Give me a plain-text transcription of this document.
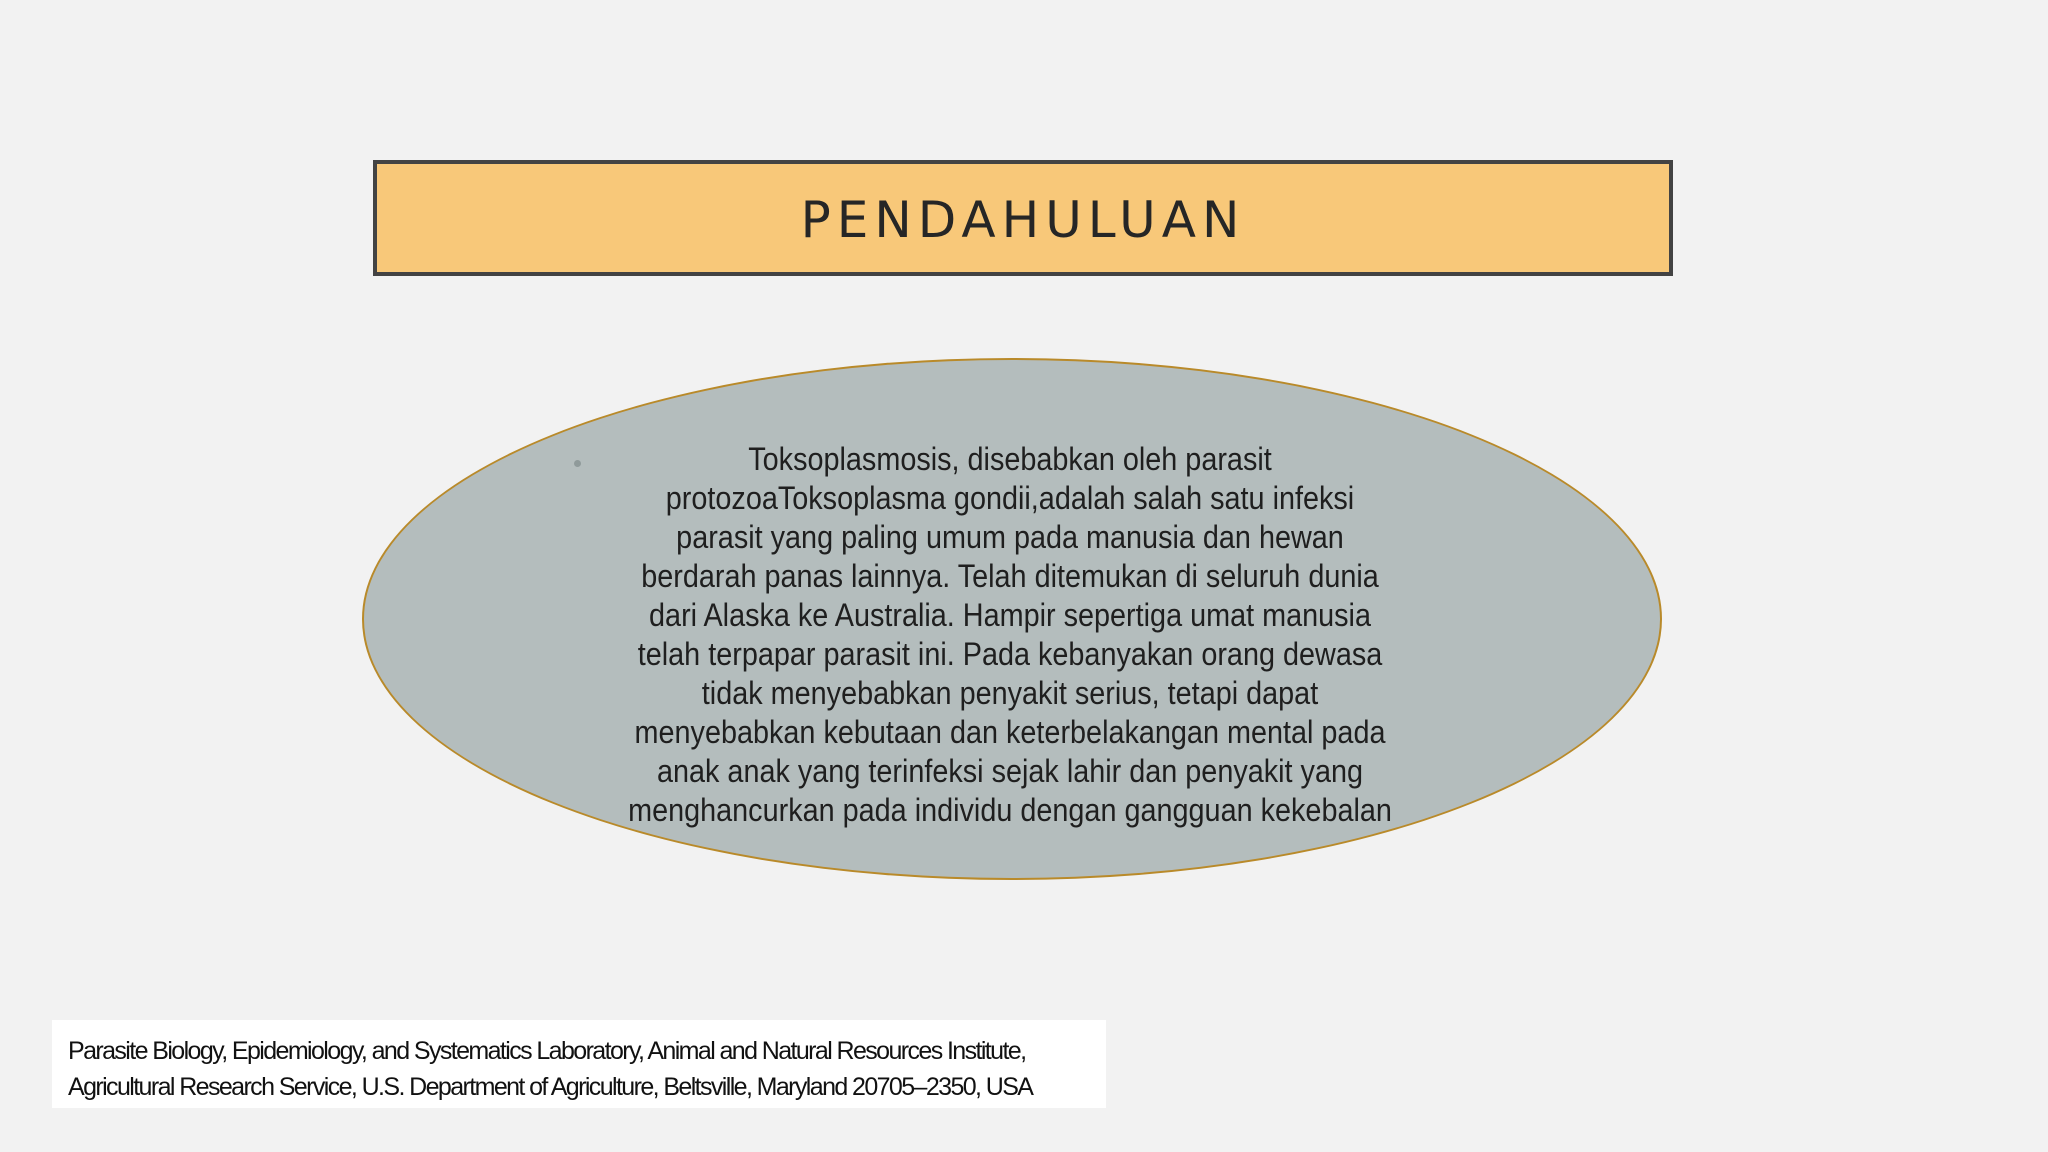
PENDAHULUAN

Toksoplasmosis, disebabkan oleh parasit protozoaToksoplasma gondii,adalah salah satu infeksi parasit yang paling umum pada manusia dan hewan berdarah panas lainnya. Telah ditemukan di seluruh dunia dari Alaska ke Australia. Hampir sepertiga umat manusia telah terpapar parasit ini. Pada kebanyakan orang dewasa tidak menyebabkan penyakit serius, tetapi dapat menyebabkan kebutaan dan keterbelakangan mental pada anak anak yang terinfeksi sejak lahir dan penyakit yang menghancurkan pada individu dengan gangguan kekebalan

Parasite Biology, Epidemiology, and Systematics Laboratory, Animal and Natural Resources Institute,

Agricultural Research Service, U.S. Department of Agriculture, Beltsville, Maryland 20705–2350, USA
